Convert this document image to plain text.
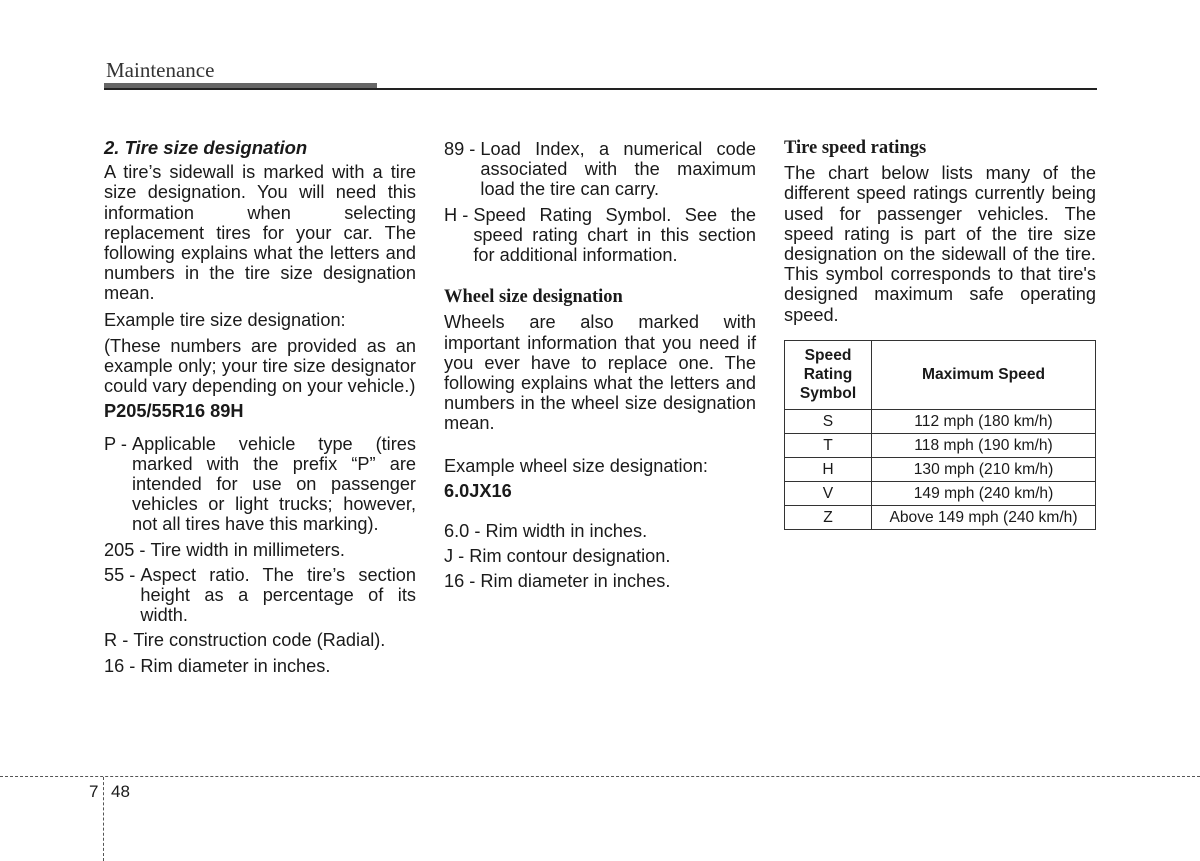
Maintenance

2. Tire size designation

A tire’s sidewall is marked with a tire size designation. You will need this information when selecting replacement tires for your car. The following explains what the letters and numbers in the tire size designation mean.

Example tire size designation:

(These numbers are provided as an example only; your tire size designator could vary depending on your vehicle.)

P205/55R16 89H

P - Applicable vehicle type (tires marked with the prefix “P” are intended for use on passenger vehicles or light trucks; however, not all tires have this marking).
205 - Tire width in millimeters.
55 - Aspect ratio. The tire’s section height as a percentage of its width.
R - Tire construction code (Radial).
16 - Rim diameter in inches.
89 - Load Index, a numerical code associated with the maximum load the tire can carry.
H - Speed Rating Symbol. See the speed rating chart in this section for additional information.

Wheel size designation

Wheels are also marked with important information that you need if you ever have to replace one. The following explains what the letters and numbers in the wheel size designation mean.

Example wheel size designation:

6.0JX16

6.0 - Rim width in inches.
J - Rim contour designation.
16 - Rim diameter in inches.

Tire speed ratings

The chart below lists many of the different speed ratings currently being used for passenger vehicles. The speed rating is part of the tire size designation on the sidewall of the tire. This symbol corresponds to that tire's designed maximum safe operating speed.

Speed Rating Symbol	Maximum Speed
S	112 mph (180 km/h)
T	118 mph (190 km/h)
H	130 mph (210 km/h)
V	149 mph (240 km/h)
Z	Above 149 mph (240 km/h)
7 48
